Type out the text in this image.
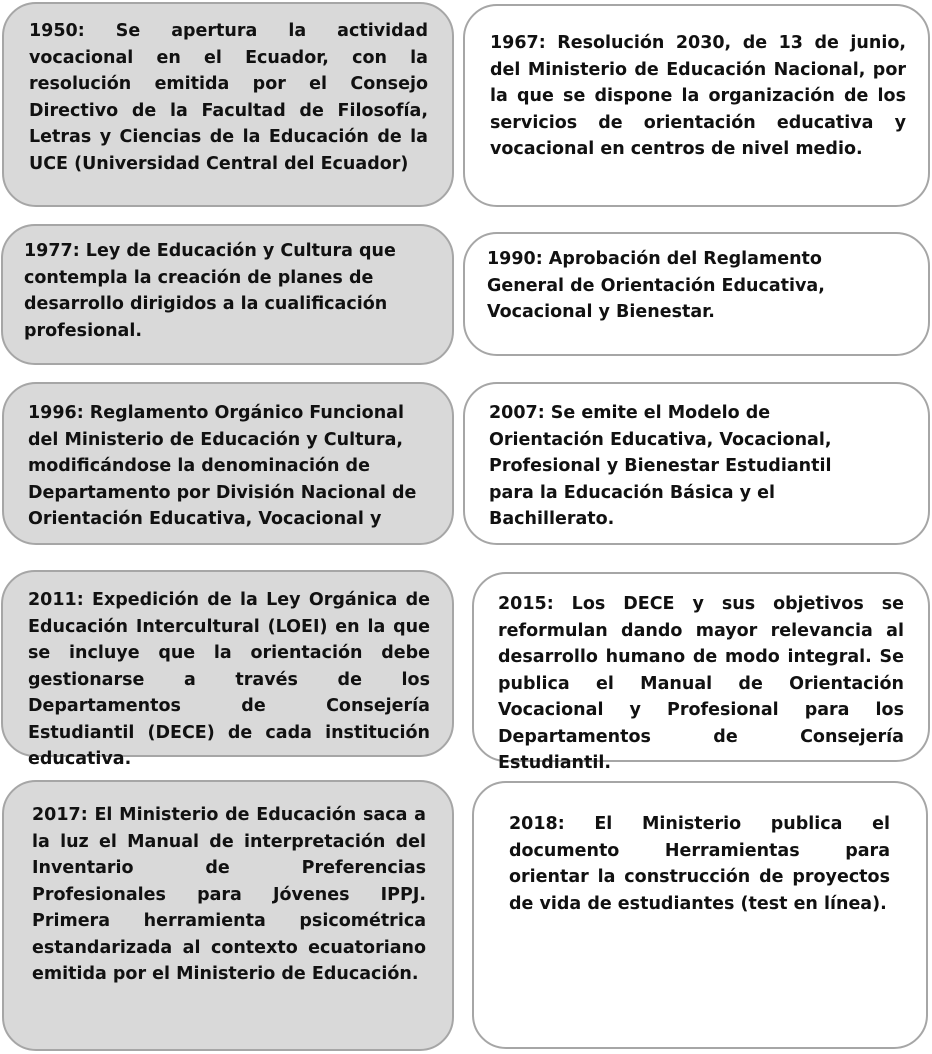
1950: Se apertura la actividad vocacional en el Ecuador, con la resolución emitida por el Consejo Directivo de la Facultad de Filosofía, Letras y Ciencias de la Educación de la UCE (Universidad Central del Ecuador)

1967: Resolución 2030, de 13 de junio, del Ministerio de Educación Nacional, por la que se dispone la organización de los servicios de orientación educativa y vocacional en centros de nivel medio.

1977: Ley de Educación y Cultura que contempla la creación de planes de desarrollo dirigidos a la cualificación profesional.

1990: Aprobación del Reglamento General de Orientación Educativa, Vocacional y Bienestar.

1996: Reglamento Orgánico Funcional del Ministerio de Educación y Cultura, modificándose la denominación de Departamento por División Nacional de Orientación Educativa, Vocacional y

2007: Se emite el Modelo de Orientación Educativa, Vocacional, Profesional y Bienestar Estudiantil para la Educación Básica y el Bachillerato.

2011: Expedición de la Ley Orgánica de Educación Intercultural (LOEI) en la que se incluye que la orientación debe gestionarse a través de los Departamentos de Consejería Estudiantil (DECE) de cada institución educativa.

2015: Los DECE y sus objetivos se reformulan dando mayor relevancia al desarrollo humano de modo integral. Se publica el Manual de Orientación Vocacional y Profesional para los Departamentos de Consejería Estudiantil.

2017: El Ministerio de Educación saca a la luz el Manual de interpretación del Inventario de Preferencias Profesionales para Jóvenes IPPJ. Primera herramienta psicométrica estandarizada al contexto ecuatoriano emitida por el Ministerio de Educación.

2018: El Ministerio publica el documento Herramientas para orientar la construcción de proyectos de vida de estudiantes (test en línea).
